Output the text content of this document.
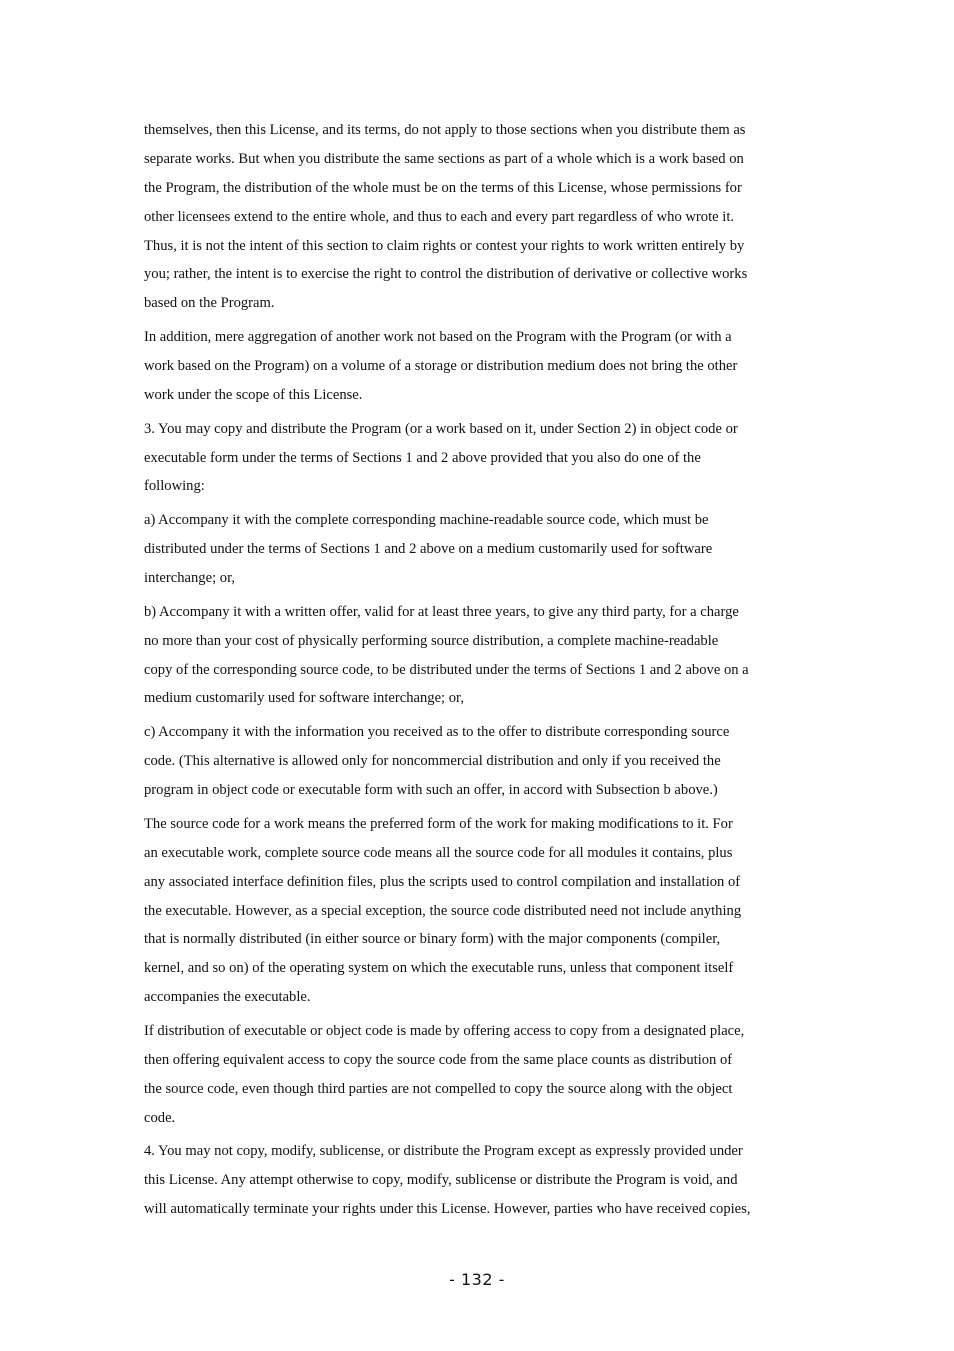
themselves, then this License, and its terms, do not apply to those sections when you distribute them as
separate works. But when you distribute the same sections as part of a whole which is a work based on
the Program, the distribution of the whole must be on the terms of this License, whose permissions for
other licensees extend to the entire whole, and thus to each and every part regardless of who wrote it.
Thus, it is not the intent of this section to claim rights or contest your rights to work written entirely by
you; rather, the intent is to exercise the right to control the distribution of derivative or collective works
based on the Program.
In addition, mere aggregation of another work not based on the Program with the Program (or with a
work based on the Program) on a volume of a storage or distribution medium does not bring the other
work under the scope of this License.
3. You may copy and distribute the Program (or a work based on it, under Section 2) in object code or
executable form under the terms of Sections 1 and 2 above provided that you also do one of the
following:
a) Accompany it with the complete corresponding machine-readable source code, which must be
distributed under the terms of Sections 1 and 2 above on a medium customarily used for software
interchange; or,
b) Accompany it with a written offer, valid for at least three years, to give any third party, for a charge
no more than your cost of physically performing source distribution, a complete machine-readable
copy of the corresponding source code, to be distributed under the terms of Sections 1 and 2 above on a
medium customarily used for software interchange; or,
c) Accompany it with the information you received as to the offer to distribute corresponding source
code. (This alternative is allowed only for noncommercial distribution and only if you received the
program in object code or executable form with such an offer, in accord with Subsection b above.)
The source code for a work means the preferred form of the work for making modifications to it. For
an executable work, complete source code means all the source code for all modules it contains, plus
any associated interface definition files, plus the scripts used to control compilation and installation of
the executable. However, as a special exception, the source code distributed need not include anything
that is normally distributed (in either source or binary form) with the major components (compiler,
kernel, and so on) of the operating system on which the executable runs, unless that component itself
accompanies the executable.
If distribution of executable or object code is made by offering access to copy from a designated place,
then offering equivalent access to copy the source code from the same place counts as distribution of
the source code, even though third parties are not compelled to copy the source along with the object
code.
4. You may not copy, modify, sublicense, or distribute the Program except as expressly provided under
this License. Any attempt otherwise to copy, modify, sublicense or distribute the Program is void, and
will automatically terminate your rights under this License. However, parties who have received copies,
- 132 -
